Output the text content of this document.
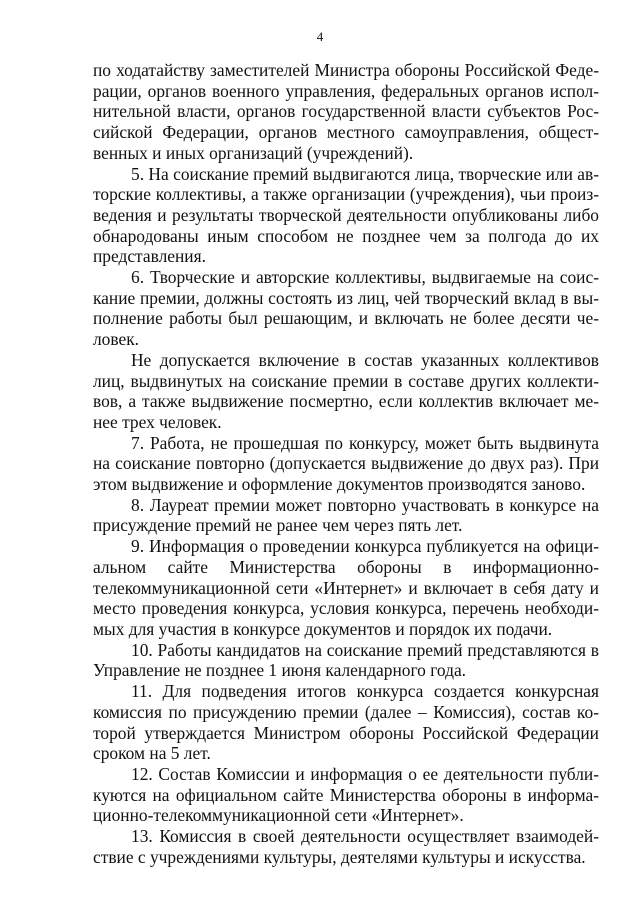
4

по ходатайству заместителей Министра обороны Российской Феде-
рации, органов военного управления, федеральных органов испол-
нительной власти, органов государственной власти субъектов Рос-
сийской Федерации, органов местного самоуправления, общест-
венных и иных организаций (учреждений).

5. На соискание премий выдвигаются лица, творческие или ав-
торские коллективы, а также организации (учреждения), чьи произ-
ведения и результаты творческой деятельности опубликованы либо
обнародованы иным способом не позднее чем за полгода до их
представления.

6. Творческие и авторские коллективы, выдвигаемые на соис-
кание премии, должны состоять из лиц, чей творческий вклад в вы-
полнение работы был решающим, и включать не более десяти че-
ловек.

Не допускается включение в состав указанных коллективов
лиц, выдвинутых на соискание премии в составе других коллекти-
вов, а также выдвижение посмертно, если коллектив включает ме-
нее трех человек.

7. Работа, не прошедшая по конкурсу, может быть выдвинута
на соискание повторно (допускается выдвижение до двух раз). При
этом выдвижение и оформление документов производятся заново.

8. Лауреат премии может повторно участвовать в конкурсе на
присуждение премий не ранее чем через пять лет.

9. Информация о проведении конкурса публикуется на офици-
альном сайте Министерства обороны в информационно-
телекоммуникационной сети «Интернет» и включает в себя дату и
место проведения конкурса, условия конкурса, перечень необходи-
мых для участия в конкурсе документов и порядок их подачи.

10. Работы кандидатов на соискание премий представляются в
Управление не позднее 1 июня календарного года.

11. Для подведения итогов конкурса создается конкурсная
комиссия по присуждению премии (далее – Комиссия), состав ко-
торой утверждается Министром обороны Российской Федерации
сроком на 5 лет.

12. Состав Комиссии и информация о ее деятельности публи-
куются на официальном сайте Министерства обороны в информа-
ционно-телекоммуникационной сети «Интернет».

13. Комиссия в своей деятельности осуществляет взаимодей-
ствие с учреждениями культуры, деятелями культуры и искусства.
